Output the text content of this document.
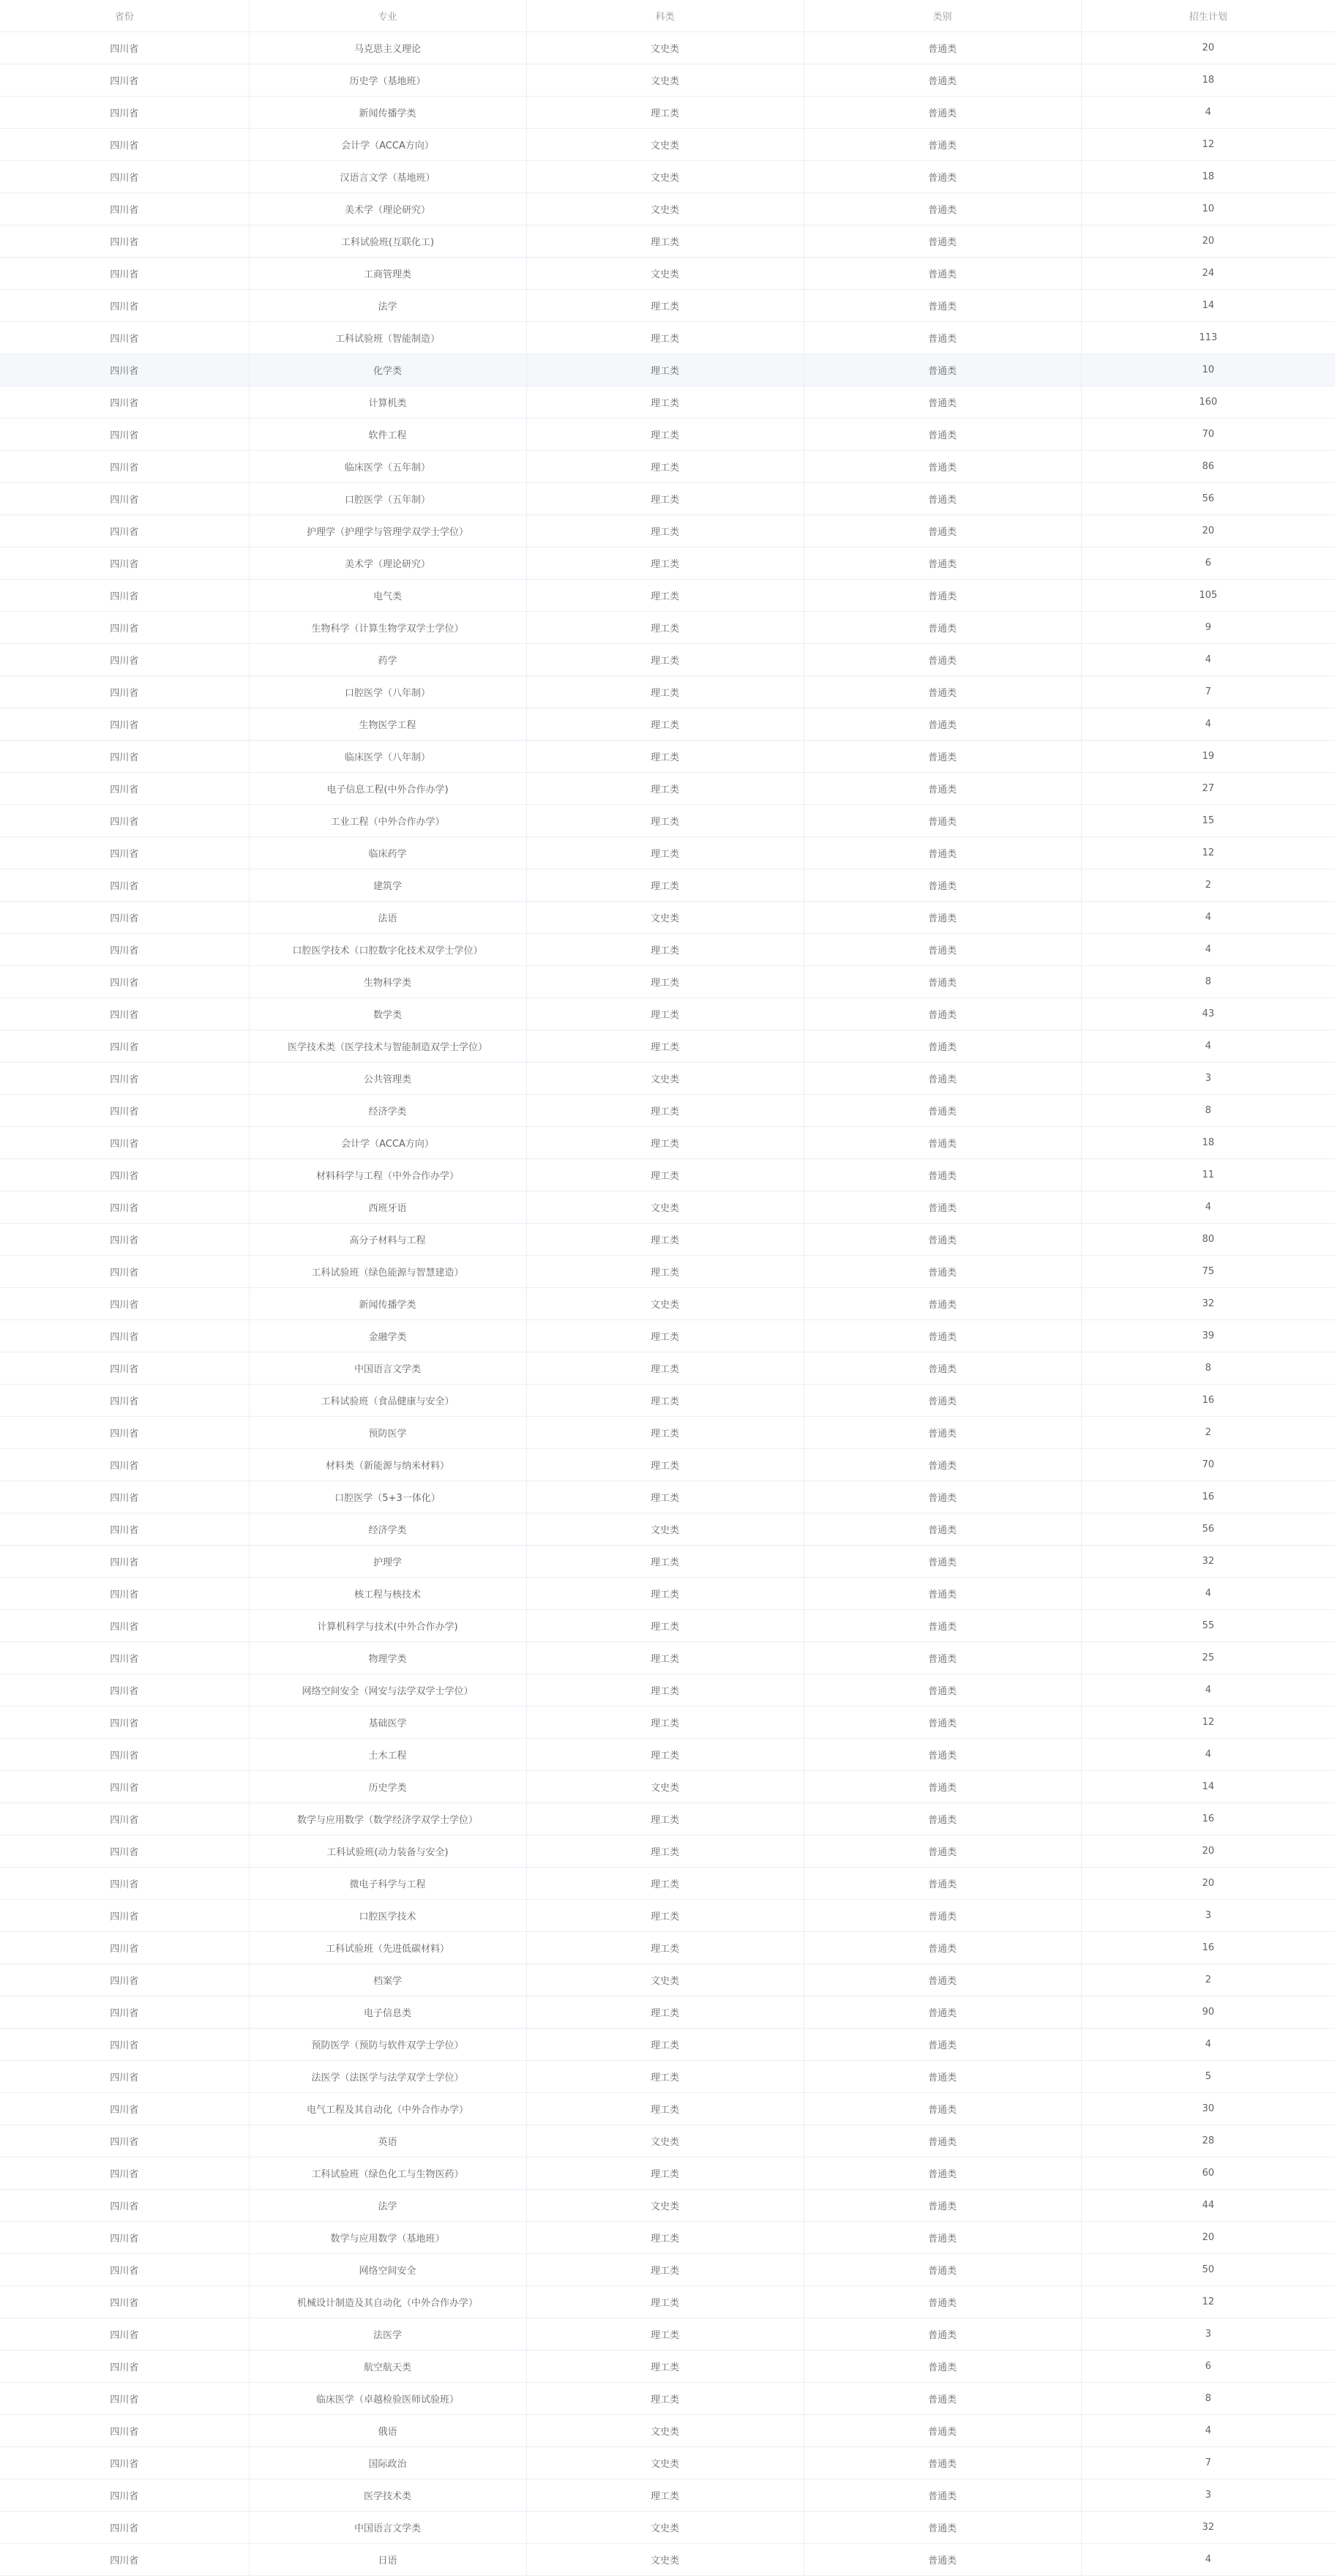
省份	专业	科类	类别	招生计划
四川省	马克思主义理论	文史类	普通类	20
四川省	历史学（基地班）	文史类	普通类	18
四川省	新闻传播学类	理工类	普通类	4
四川省	会计学（ACCA方向）	文史类	普通类	12
四川省	汉语言文学（基地班）	文史类	普通类	18
四川省	美术学（理论研究）	文史类	普通类	10
四川省	工科试验班(互联化工)	理工类	普通类	20
四川省	工商管理类	文史类	普通类	24
四川省	法学	理工类	普通类	14
四川省	工科试验班（智能制造）	理工类	普通类	113
四川省	化学类	理工类	普通类	10
四川省	计算机类	理工类	普通类	160
四川省	软件工程	理工类	普通类	70
四川省	临床医学（五年制）	理工类	普通类	86
四川省	口腔医学（五年制）	理工类	普通类	56
四川省	护理学（护理学与管理学双学士学位）	理工类	普通类	20
四川省	美术学（理论研究）	理工类	普通类	6
四川省	电气类	理工类	普通类	105
四川省	生物科学（计算生物学双学士学位）	理工类	普通类	9
四川省	药学	理工类	普通类	4
四川省	口腔医学（八年制）	理工类	普通类	7
四川省	生物医学工程	理工类	普通类	4
四川省	临床医学（八年制）	理工类	普通类	19
四川省	电子信息工程(中外合作办学)	理工类	普通类	27
四川省	工业工程（中外合作办学）	理工类	普通类	15
四川省	临床药学	理工类	普通类	12
四川省	建筑学	理工类	普通类	2
四川省	法语	文史类	普通类	4
四川省	口腔医学技术（口腔数字化技术双学士学位）	理工类	普通类	4
四川省	生物科学类	理工类	普通类	8
四川省	数学类	理工类	普通类	43
四川省	医学技术类（医学技术与智能制造双学士学位）	理工类	普通类	4
四川省	公共管理类	文史类	普通类	3
四川省	经济学类	理工类	普通类	8
四川省	会计学（ACCA方向）	理工类	普通类	18
四川省	材料科学与工程（中外合作办学）	理工类	普通类	11
四川省	西班牙语	文史类	普通类	4
四川省	高分子材料与工程	理工类	普通类	80
四川省	工科试验班（绿色能源与智慧建造）	理工类	普通类	75
四川省	新闻传播学类	文史类	普通类	32
四川省	金融学类	理工类	普通类	39
四川省	中国语言文学类	理工类	普通类	8
四川省	工科试验班（食品健康与安全）	理工类	普通类	16
四川省	预防医学	理工类	普通类	2
四川省	材料类（新能源与纳米材料）	理工类	普通类	70
四川省	口腔医学（5+3一体化）	理工类	普通类	16
四川省	经济学类	文史类	普通类	56
四川省	护理学	理工类	普通类	32
四川省	核工程与核技术	理工类	普通类	4
四川省	计算机科学与技术(中外合作办学)	理工类	普通类	55
四川省	物理学类	理工类	普通类	25
四川省	网络空间安全（网安与法学双学士学位）	理工类	普通类	4
四川省	基础医学	理工类	普通类	12
四川省	土木工程	理工类	普通类	4
四川省	历史学类	文史类	普通类	14
四川省	数学与应用数学（数学经济学双学士学位）	理工类	普通类	16
四川省	工科试验班(动力装备与安全)	理工类	普通类	20
四川省	微电子科学与工程	理工类	普通类	20
四川省	口腔医学技术	理工类	普通类	3
四川省	工科试验班（先进低碳材料）	理工类	普通类	16
四川省	档案学	文史类	普通类	2
四川省	电子信息类	理工类	普通类	90
四川省	预防医学（预防与软件双学士学位）	理工类	普通类	4
四川省	法医学（法医学与法学双学士学位）	理工类	普通类	5
四川省	电气工程及其自动化（中外合作办学）	理工类	普通类	30
四川省	英语	文史类	普通类	28
四川省	工科试验班（绿色化工与生物医药）	理工类	普通类	60
四川省	法学	文史类	普通类	44
四川省	数学与应用数学（基地班）	理工类	普通类	20
四川省	网络空间安全	理工类	普通类	50
四川省	机械设计制造及其自动化（中外合作办学）	理工类	普通类	12
四川省	法医学	理工类	普通类	3
四川省	航空航天类	理工类	普通类	6
四川省	临床医学（卓越检验医师试验班）	理工类	普通类	8
四川省	俄语	文史类	普通类	4
四川省	国际政治	文史类	普通类	7
四川省	医学技术类	理工类	普通类	3
四川省	中国语言文学类	文史类	普通类	32
四川省	日语	文史类	普通类	4
